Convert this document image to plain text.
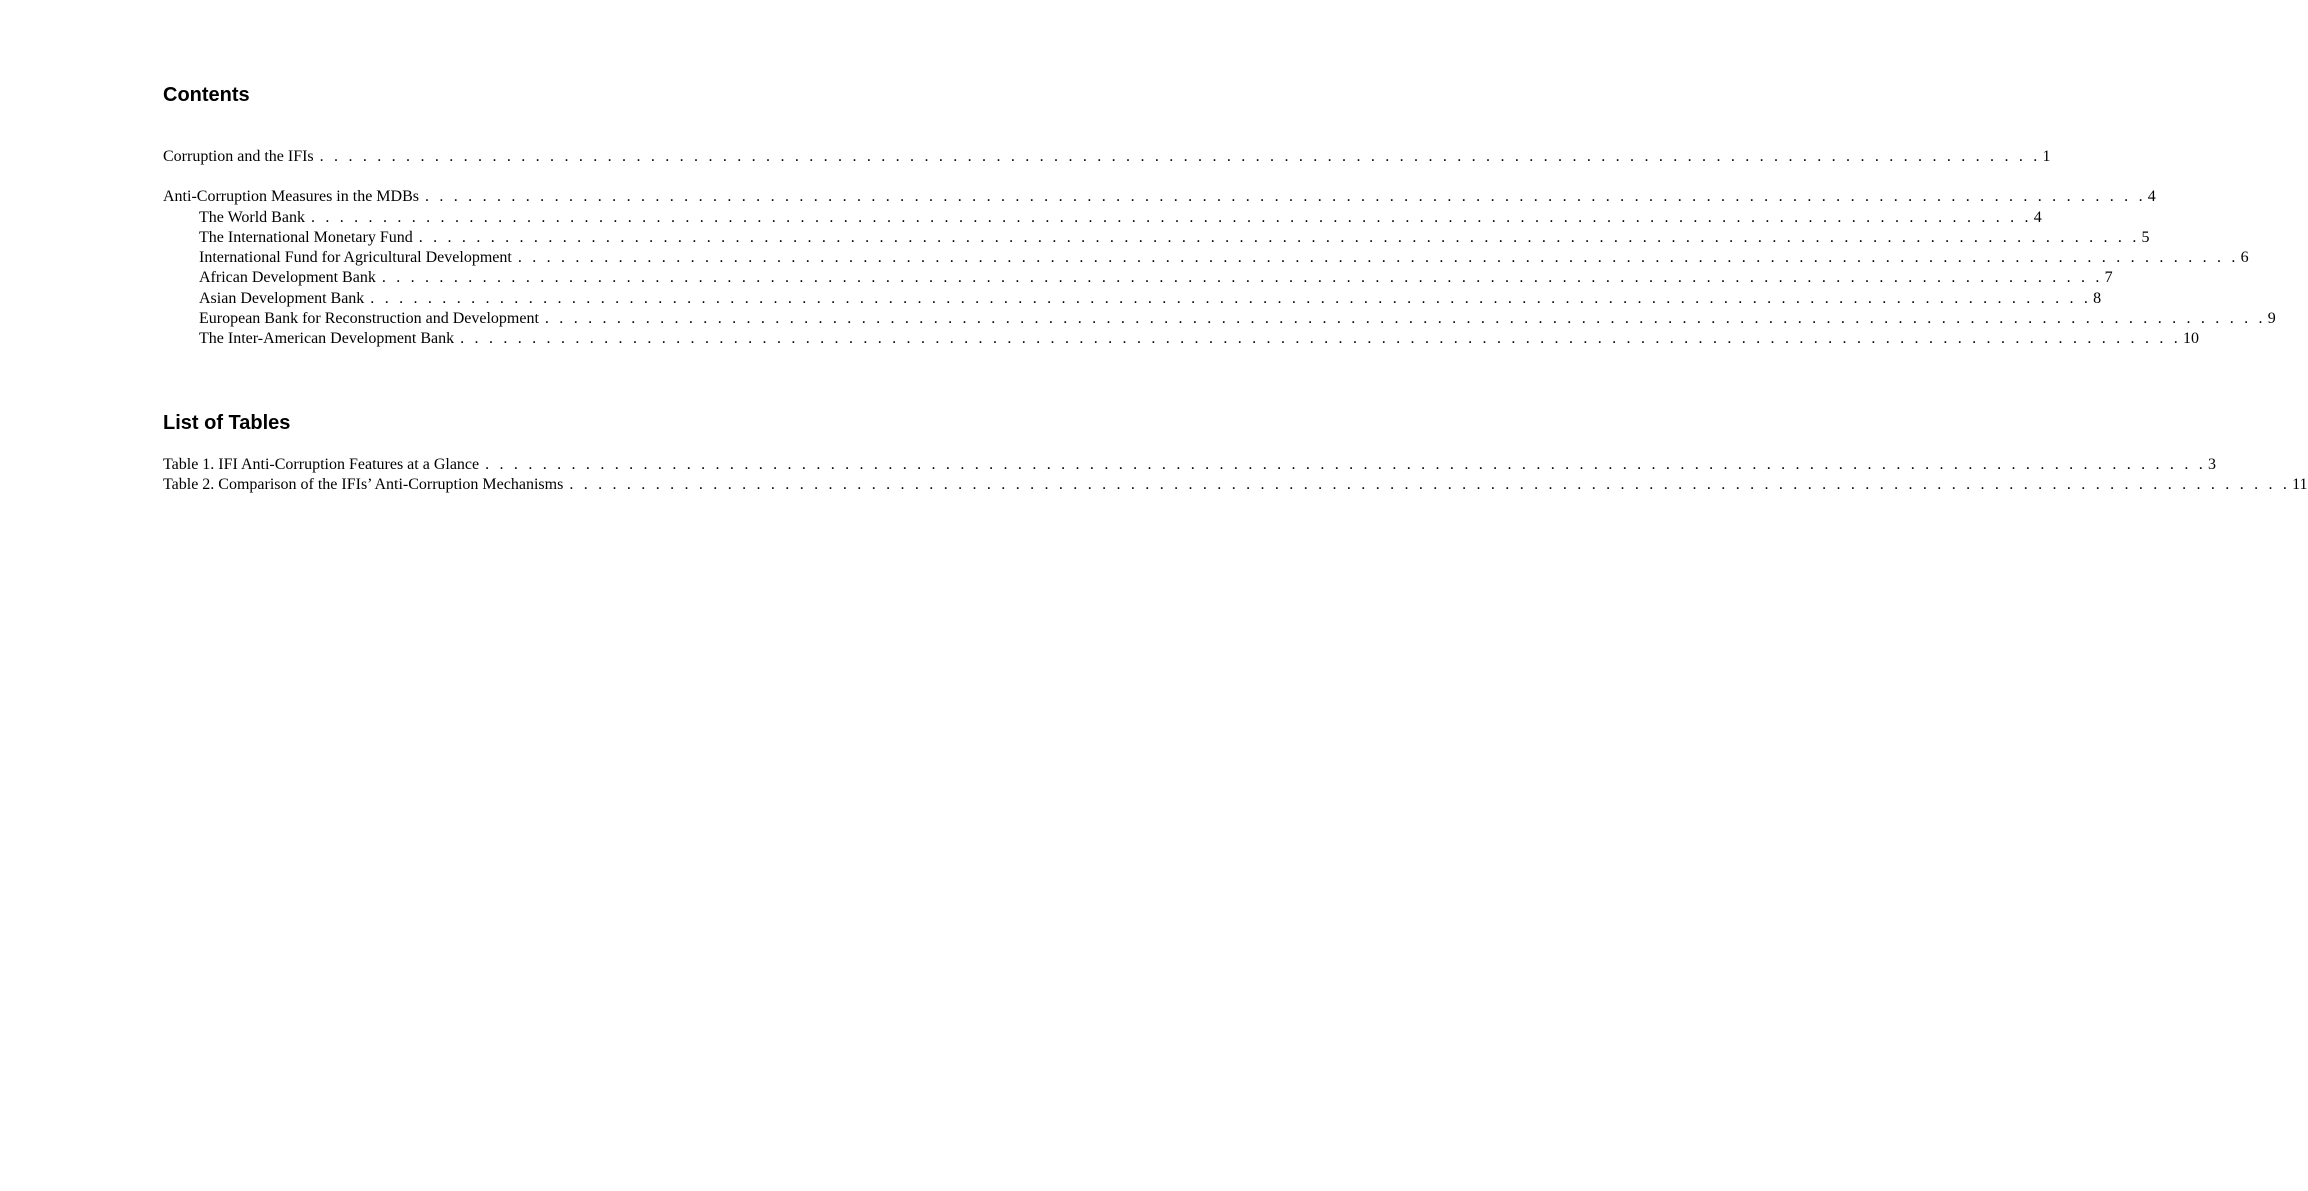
Contents
Corruption and the IFIs . . . . . . . . . . . . . . . . . . . . . . . . . . . . . . . . . . . . . . . . . . . . . . . . . . . . . . . . . . . . . . . . . . . . . . . . . . . . . . . . . . . . . . . . . . . . . . . . . . . . . . . . . . . . . . . . . . . . . . . . 1
Anti-Corruption Measures in the MDBs . . . . . . . . . . . . . . . . . . . . . . . . . . . . . . . . . . . . . . . . . . . . . . . . . . . . . . . . . . . . . . . . . . . . . . . . . . . . . . . . . . . . . . . . . . . . . . . . . . . . . . . . . . . . . . . . . . . . . . . . 4
The World Bank . . . . . . . . . . . . . . . . . . . . . . . . . . . . . . . . . . . . . . . . . . . . . . . . . . . . . . . . . . . . . . . . . . . . . . . . . . . . . . . . . . . . . . . . . . . . . . . . . . . . . . . . . . . . . . . . . . . . . . . . 4
The International Monetary Fund . . . . . . . . . . . . . . . . . . . . . . . . . . . . . . . . . . . . . . . . . . . . . . . . . . . . . . . . . . . . . . . . . . . . . . . . . . . . . . . . . . . . . . . . . . . . . . . . . . . . . . . . . . . . . . . . . . . . . . . . 5
International Fund for Agricultural Development . . . . . . . . . . . . . . . . . . . . . . . . . . . . . . . . . . . . . . . . . . . . . . . . . . . . . . . . . . . . . . . . . . . . . . . . . . . . . . . . . . . . . . . . . . . . . . . . . . . . . . . . . . . . . . . . . . . . . . . . 6
African Development Bank . . . . . . . . . . . . . . . . . . . . . . . . . . . . . . . . . . . . . . . . . . . . . . . . . . . . . . . . . . . . . . . . . . . . . . . . . . . . . . . . . . . . . . . . . . . . . . . . . . . . . . . . . . . . . . . . . . . . . . . . 7
Asian Development Bank . . . . . . . . . . . . . . . . . . . . . . . . . . . . . . . . . . . . . . . . . . . . . . . . . . . . . . . . . . . . . . . . . . . . . . . . . . . . . . . . . . . . . . . . . . . . . . . . . . . . . . . . . . . . . . . . . . . . . . . . 8
European Bank for Reconstruction and Development . . . . . . . . . . . . . . . . . . . . . . . . . . . . . . . . . . . . . . . . . . . . . . . . . . . . . . . . . . . . . . . . . . . . . . . . . . . . . . . . . . . . . . . . . . . . . . . . . . . . . . . . . . . . . . . . . . . . . . . . 9
The Inter-American Development Bank . . . . . . . . . . . . . . . . . . . . . . . . . . . . . . . . . . . . . . . . . . . . . . . . . . . . . . . . . . . . . . . . . . . . . . . . . . . . . . . . . . . . . . . . . . . . . . . . . . . . . . . . . . . . . . . . . . . . . . . . 10
List of Tables
Table 1. IFI Anti-Corruption Features at a Glance . . . . . . . . . . . . . . . . . . . . . . . . . . . . . . . . . . . . . . . . . . . . . . . . . . . . . . . . . . . . . . . . . . . . . . . . . . . . . . . . . . . . . . . . . . . . . . . . . . . . . . . . . . . . . . . . . . . . . . . . 3
Table 2. Comparison of the IFIs’ Anti-Corruption Mechanisms . . . . . . . . . . . . . . . . . . . . . . . . . . . . . . . . . . . . . . . . . . . . . . . . . . . . . . . . . . . . . . . . . . . . . . . . . . . . . . . . . . . . . . . . . . . . . . . . . . . . . . . . . . . . . . . . . . . . . . . . 11
